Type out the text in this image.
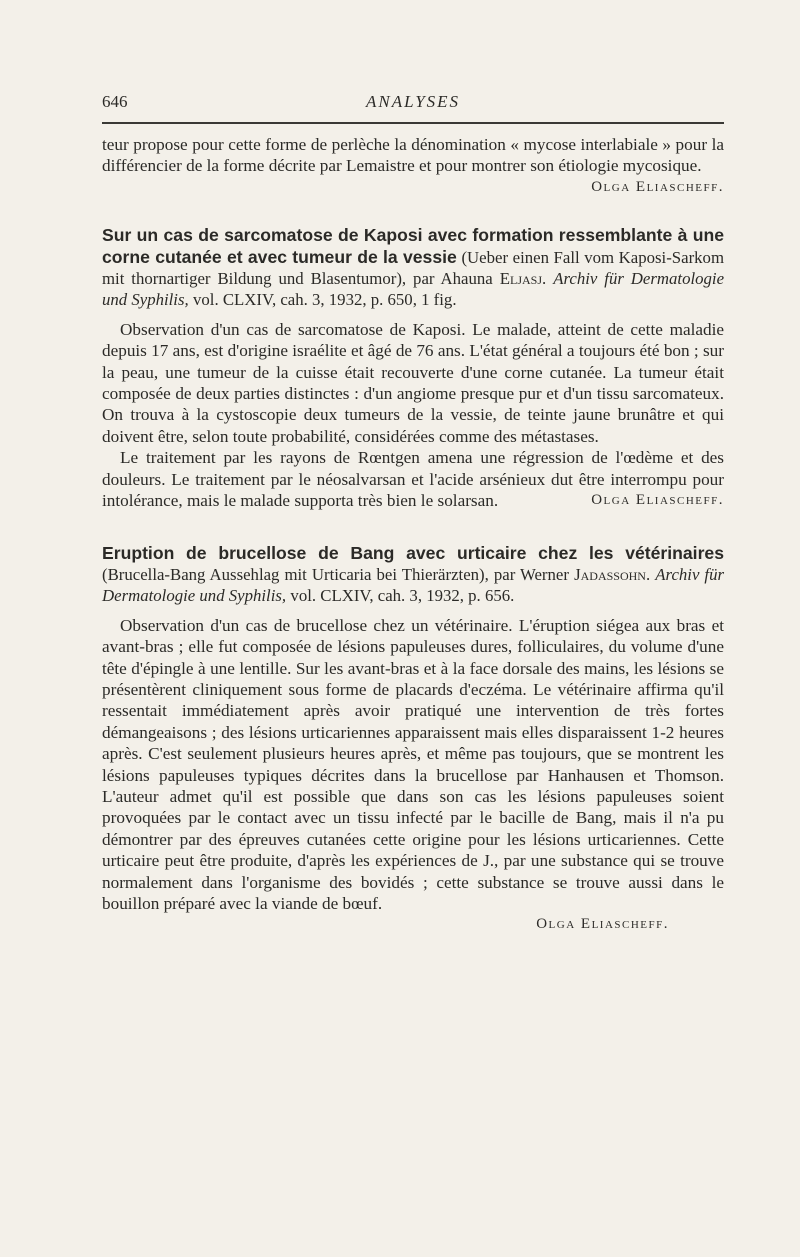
646	ANALYSES

teur propose pour cette forme de perlèche la dénomination « mycose interlabiale » pour la différencier de la forme décrite par Lemaistre et pour montrer son étiologie mycosique.
Olga Eliascheff.

Sur un cas de sarcomatose de Kaposi avec formation ressemblante à une corne cutanée et avec tumeur de la vessie (Ueber einen Fall vom Kaposi-Sarkom mit thornartiger Bildung und Blasentumor), par Ahauna Eljasj. Archiv für Dermatologie und Syphilis, vol. CLXIV, cah. 3, 1932, p. 650, 1 fig.

Observation d'un cas de sarcomatose de Kaposi. Le malade, atteint de cette maladie depuis 17 ans, est d'origine israélite et âgé de 76 ans. L'état général a toujours été bon ; sur la peau, une tumeur de la cuisse était recouverte d'une corne cutanée. La tumeur était composée de deux parties distinctes : d'un angiome presque pur et d'un tissu sarcomateux. On trouva à la cystoscopie deux tumeurs de la vessie, de teinte jaune brunâtre et qui doivent être, selon toute probabilité, considérées comme des métastases.

Le traitement par les rayons de Rœntgen amena une régression de l'œdème et des douleurs. Le traitement par le néosalvarsan et l'acide arsénieux dut être interrompu pour intolérance, mais le malade supporta très bien le solarsan.	Olga Eliascheff.

Eruption de brucellose de Bang avec urticaire chez les vétérinaires (Brucella-Bang Aussehlag mit Urticaria bei Thierärzten), par Werner Jadassohn. Archiv für Dermatologie und Syphilis, vol. CLXIV, cah. 3, 1932, p. 656.

Observation d'un cas de brucellose chez un vétérinaire. L'éruption siégea aux bras et avant-bras ; elle fut composée de lésions papuleuses dures, folliculaires, du volume d'une tête d'épingle à une lentille. Sur les avant-bras et à la face dorsale des mains, les lésions se présentèrent cliniquement sous forme de placards d'eczéma. Le vétérinaire affirma qu'il ressentait immédiatement après avoir pratiqué une intervention de très fortes démangeaisons ; des lésions urticariennes apparaissent mais elles disparaissent 1-2 heures après. C'est seulement plusieurs heures après, et même pas toujours, que se montrent les lésions papuleuses typiques décrites dans la brucellose par Hanhausen et Thomson. L'auteur admet qu'il est possible que dans son cas les lésions papuleuses soient provoquées par le contact avec un tissu infecté par le bacille de Bang, mais il n'a pu démontrer par des épreuves cutanées cette origine pour les lésions urticariennes. Cette urticaire peut être produite, d'après les expériences de J., par une substance qui se trouve normalement dans l'organisme des bovidés ; cette substance se trouve aussi dans le bouillon préparé avec la viande de bœuf.

Olga Eliascheff.
